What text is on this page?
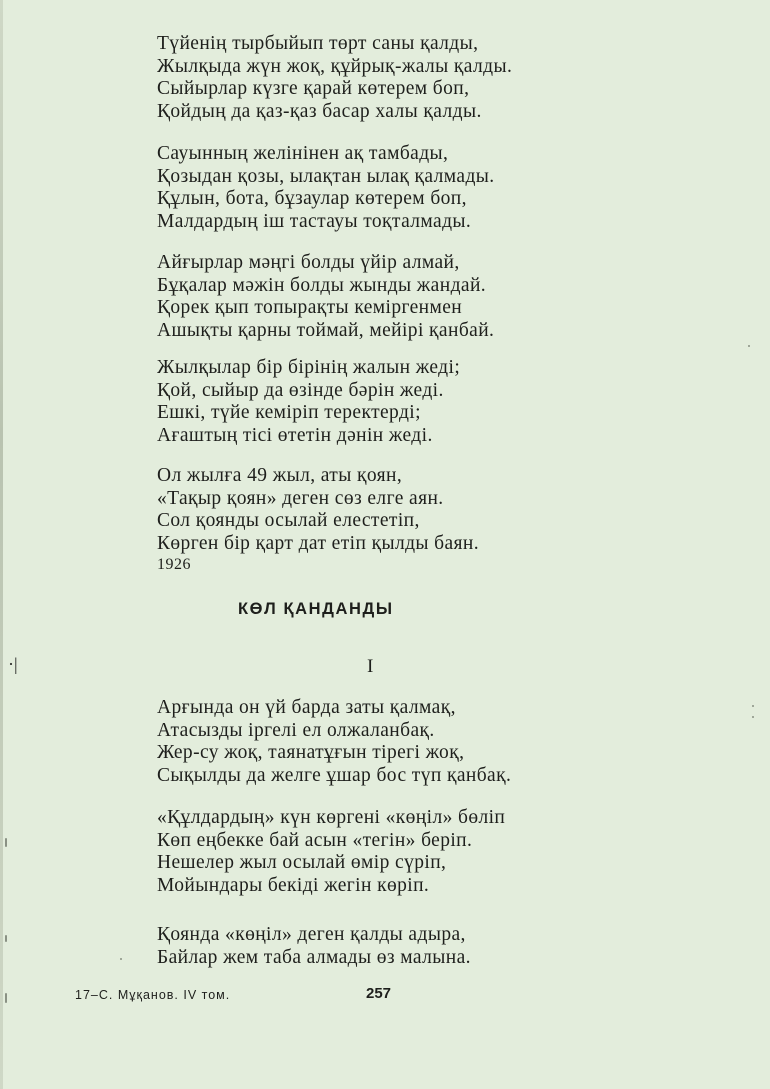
Түйенің тырбыйып төрт саны қалды,
Жылқыда жүн жоқ, құйрық-жалы қалды.
Сыйырлар күзге қарай көтерем боп,
Қойдың да қаз-қаз басар халы қалды.
Сауынның желінінен ақ тамбады,
Қозыдан қозы, ылақтан ылақ қалмады.
Құлын, бота, бұзаулар көтерем боп,
Малдардың іш тастауы тоқталмады.
Айғырлар мәңгі болды үйір алмай,
Бұқалар мәжін болды жынды жандай.
Қорек қып топырақты кеміргенмен
Ашықты қарны тоймай, мейірі қанбай.
Жылқылар бір бірінің жалын жеді;
Қой, сыйыр да өзінде бәрін жеді.
Ешкі, түйе кеміріп теректерді;
Ағаштың тісі өтетін дәнін жеді.
Ол жылға 49 жыл, аты қоян,
«Тақыр қоян» деген сөз елге аян.
Сол қоянды осылай елестетіп,
Көрген бір қарт дат етіп қылды баян.
1926
КӨЛ ҚАНДАНДЫ
I
Арғында он үй барда заты қалмақ,
Атасызды іргелі ел олжаланбақ.
Жер-су жоқ, таянатұғын тірегі жоқ,
Сықылды да желге ұшар бос түп қанбақ.
«Құлдардың» күн көргені «көңіл» бөліп
Көп еңбекке бай асын «тегін» беріп.
Нешелер жыл осылай өмір сүріп,
Мойындары бекіді жегін көріп.
Қоянда «көңіл» деген қалды адыра,
Байлар жем таба алмады өз малына.
17–С. Мұқанов. IV том.	257
·|
